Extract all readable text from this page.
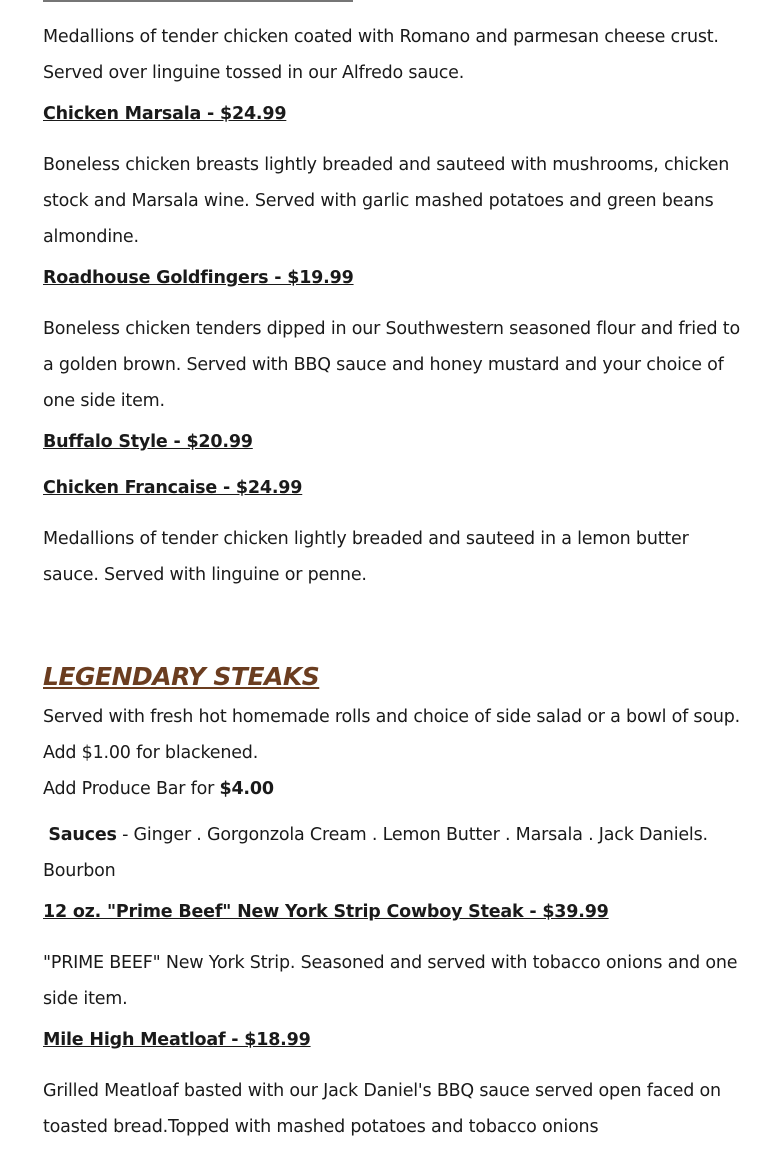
Medallions of tender chicken coated with Romano and parmesan cheese crust. Served over linguine tossed in our Alfredo sauce.

Chicken Marsala - $24.99

Boneless chicken breasts lightly breaded and sauteed with mushrooms, chicken stock and Marsala wine. Served with garlic mashed potatoes and green beans almondine.

Roadhouse Goldfingers - $19.99

Boneless chicken tenders dipped in our Southwestern seasoned flour and fried to a golden brown. Served with BBQ sauce and honey mustard and your choice of one side item.

Buffalo Style - $20.99
Chicken Francaise - $24.99

Medallions of tender chicken lightly breaded and sauteed in a lemon butter sauce. Served with linguine or penne.

LEGENDARY STEAKS
Served with fresh hot homemade rolls and choice of side salad or a bowl of soup. Add $1.00 for blackened.
Add Produce Bar for $4.00
Sauces - Ginger . Gorgonzola Cream . Lemon Butter . Marsala . Jack Daniels. Bourbon
12 oz. "Prime Beef" New York Strip Cowboy Steak - $39.99

"PRIME BEEF" New York Strip. Seasoned and served with tobacco onions and one side item.

Mile High Meatloaf - $18.99

Grilled Meatloaf basted with our Jack Daniel's BBQ sauce served open faced on toasted bread.Topped with mashed potatoes and tobacco onions
